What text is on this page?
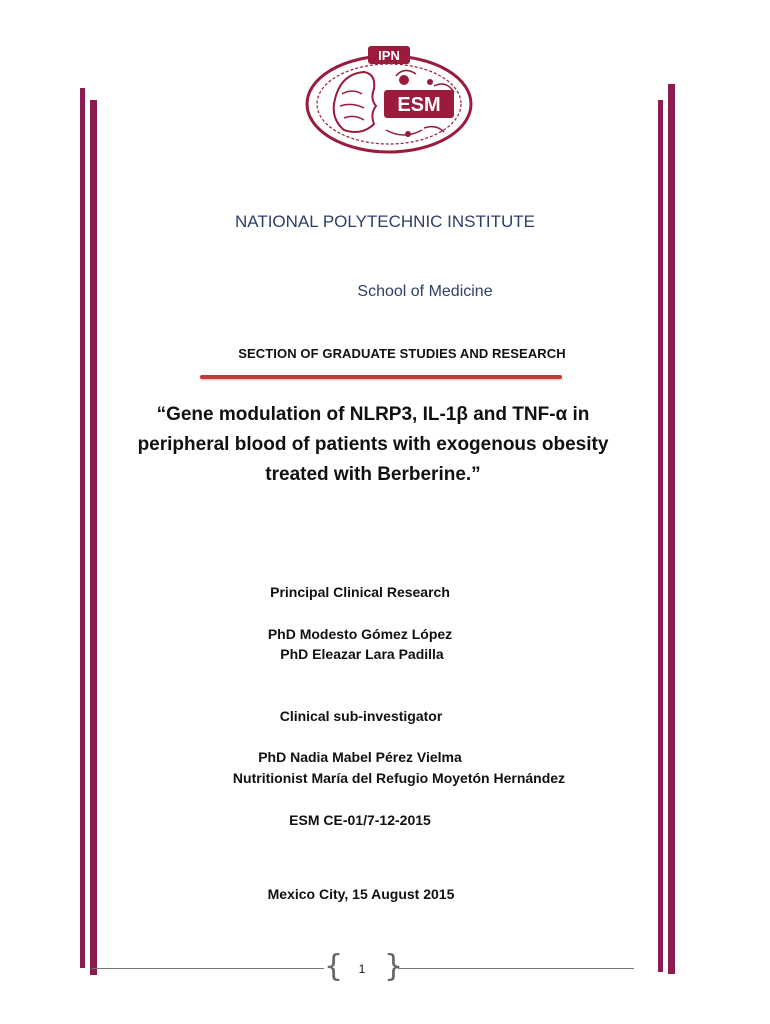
IPN
ESM
NATIONAL POLYTECHNIC INSTITUTE
School of Medicine
SECTION OF GRADUATE STUDIES AND RESEARCH
“Gene modulation of NLRP3, IL-1β and TNF-α in peripheral blood of patients with exogenous obesity treated with Berberine.”
Principal Clinical Research
PhD Modesto Gómez López
PhD Eleazar Lara Padilla
Clinical sub-investigator
PhD Nadia Mabel Pérez Vielma
Nutritionist María del Refugio Moyetón Hernández
ESM CE-01/7-12-2015
Mexico City, 15 August 2015
{ }
1
